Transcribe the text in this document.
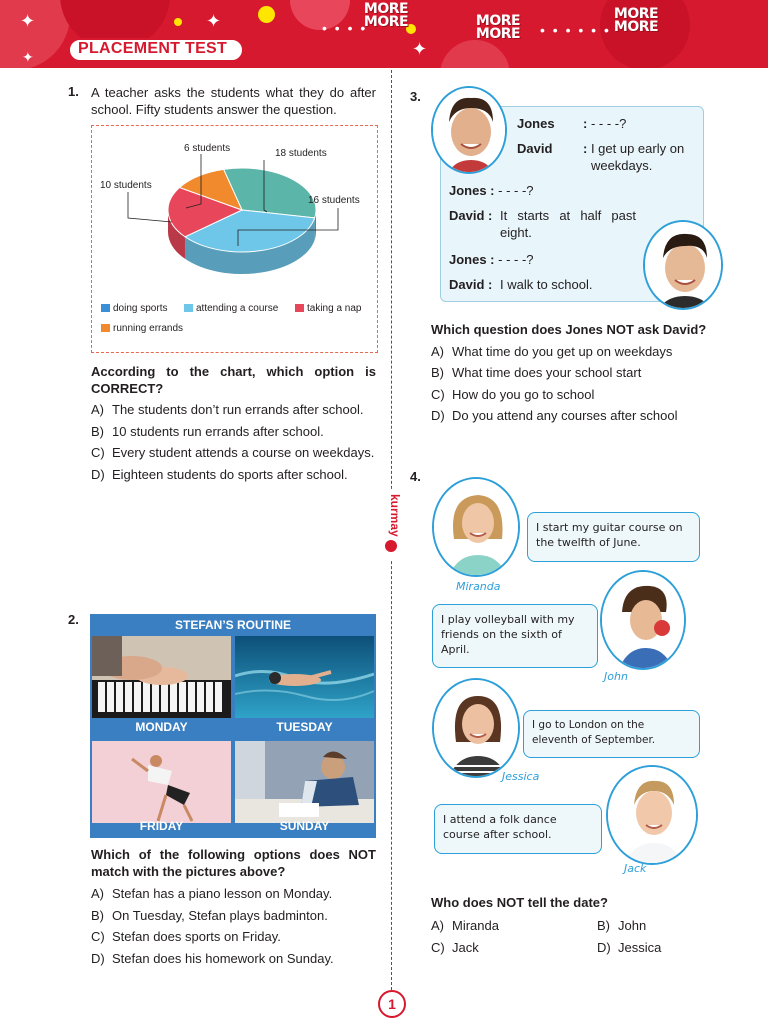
✦	✦
✦
✦
• • • •	• • • • • •
MORE MORE	MORE MORE
MORE MORE
PLACEMENT TEST
kurmay
1. A teacher asks the students what they do after school. Fifty students answer the question.
6 students	18 students
10 students
16 students
doing sports	attending a course	taking a nap
running errands
According to the chart, which option is CORRECT?
A) The students don’t run errands after school.
B) 10 students run errands after school.
C) Every student attends a course on weekdays.
D) Eighteen students do sports after school.
2.	STEFAN’S ROUTINE
MONDAY	TUESDAY
FRIDAY	SUNDAY
Which of the following options does NOT match with the pictures above?
A) Stefan has a piano lesson on Monday.
B) On Tuesday, Stefan plays badminton.
C) Stefan does sports on Friday.
D) Stefan does his homework on Sunday.
3.
Jones : - - - -?
David : I get up early on weekdays.
Jones : - - - -?
David : It starts at half past eight.
Jones : - - - -?
David : I walk to school.
Which question does Jones NOT ask David?
A) What time do you get up on weekdays
B) What time does your school start
C) How do you go to school
D) Do you attend any courses after school
4.
I start my guitar course on the twelfth of June.
Miranda
I play volleyball with my friends on the sixth of April.
John
I go to London on the eleventh of September.
Jessica
I attend a folk dance course after school.
Jack
Who does NOT tell the date?
A) Miranda	B) John
C) Jack	D) Jessica
1
